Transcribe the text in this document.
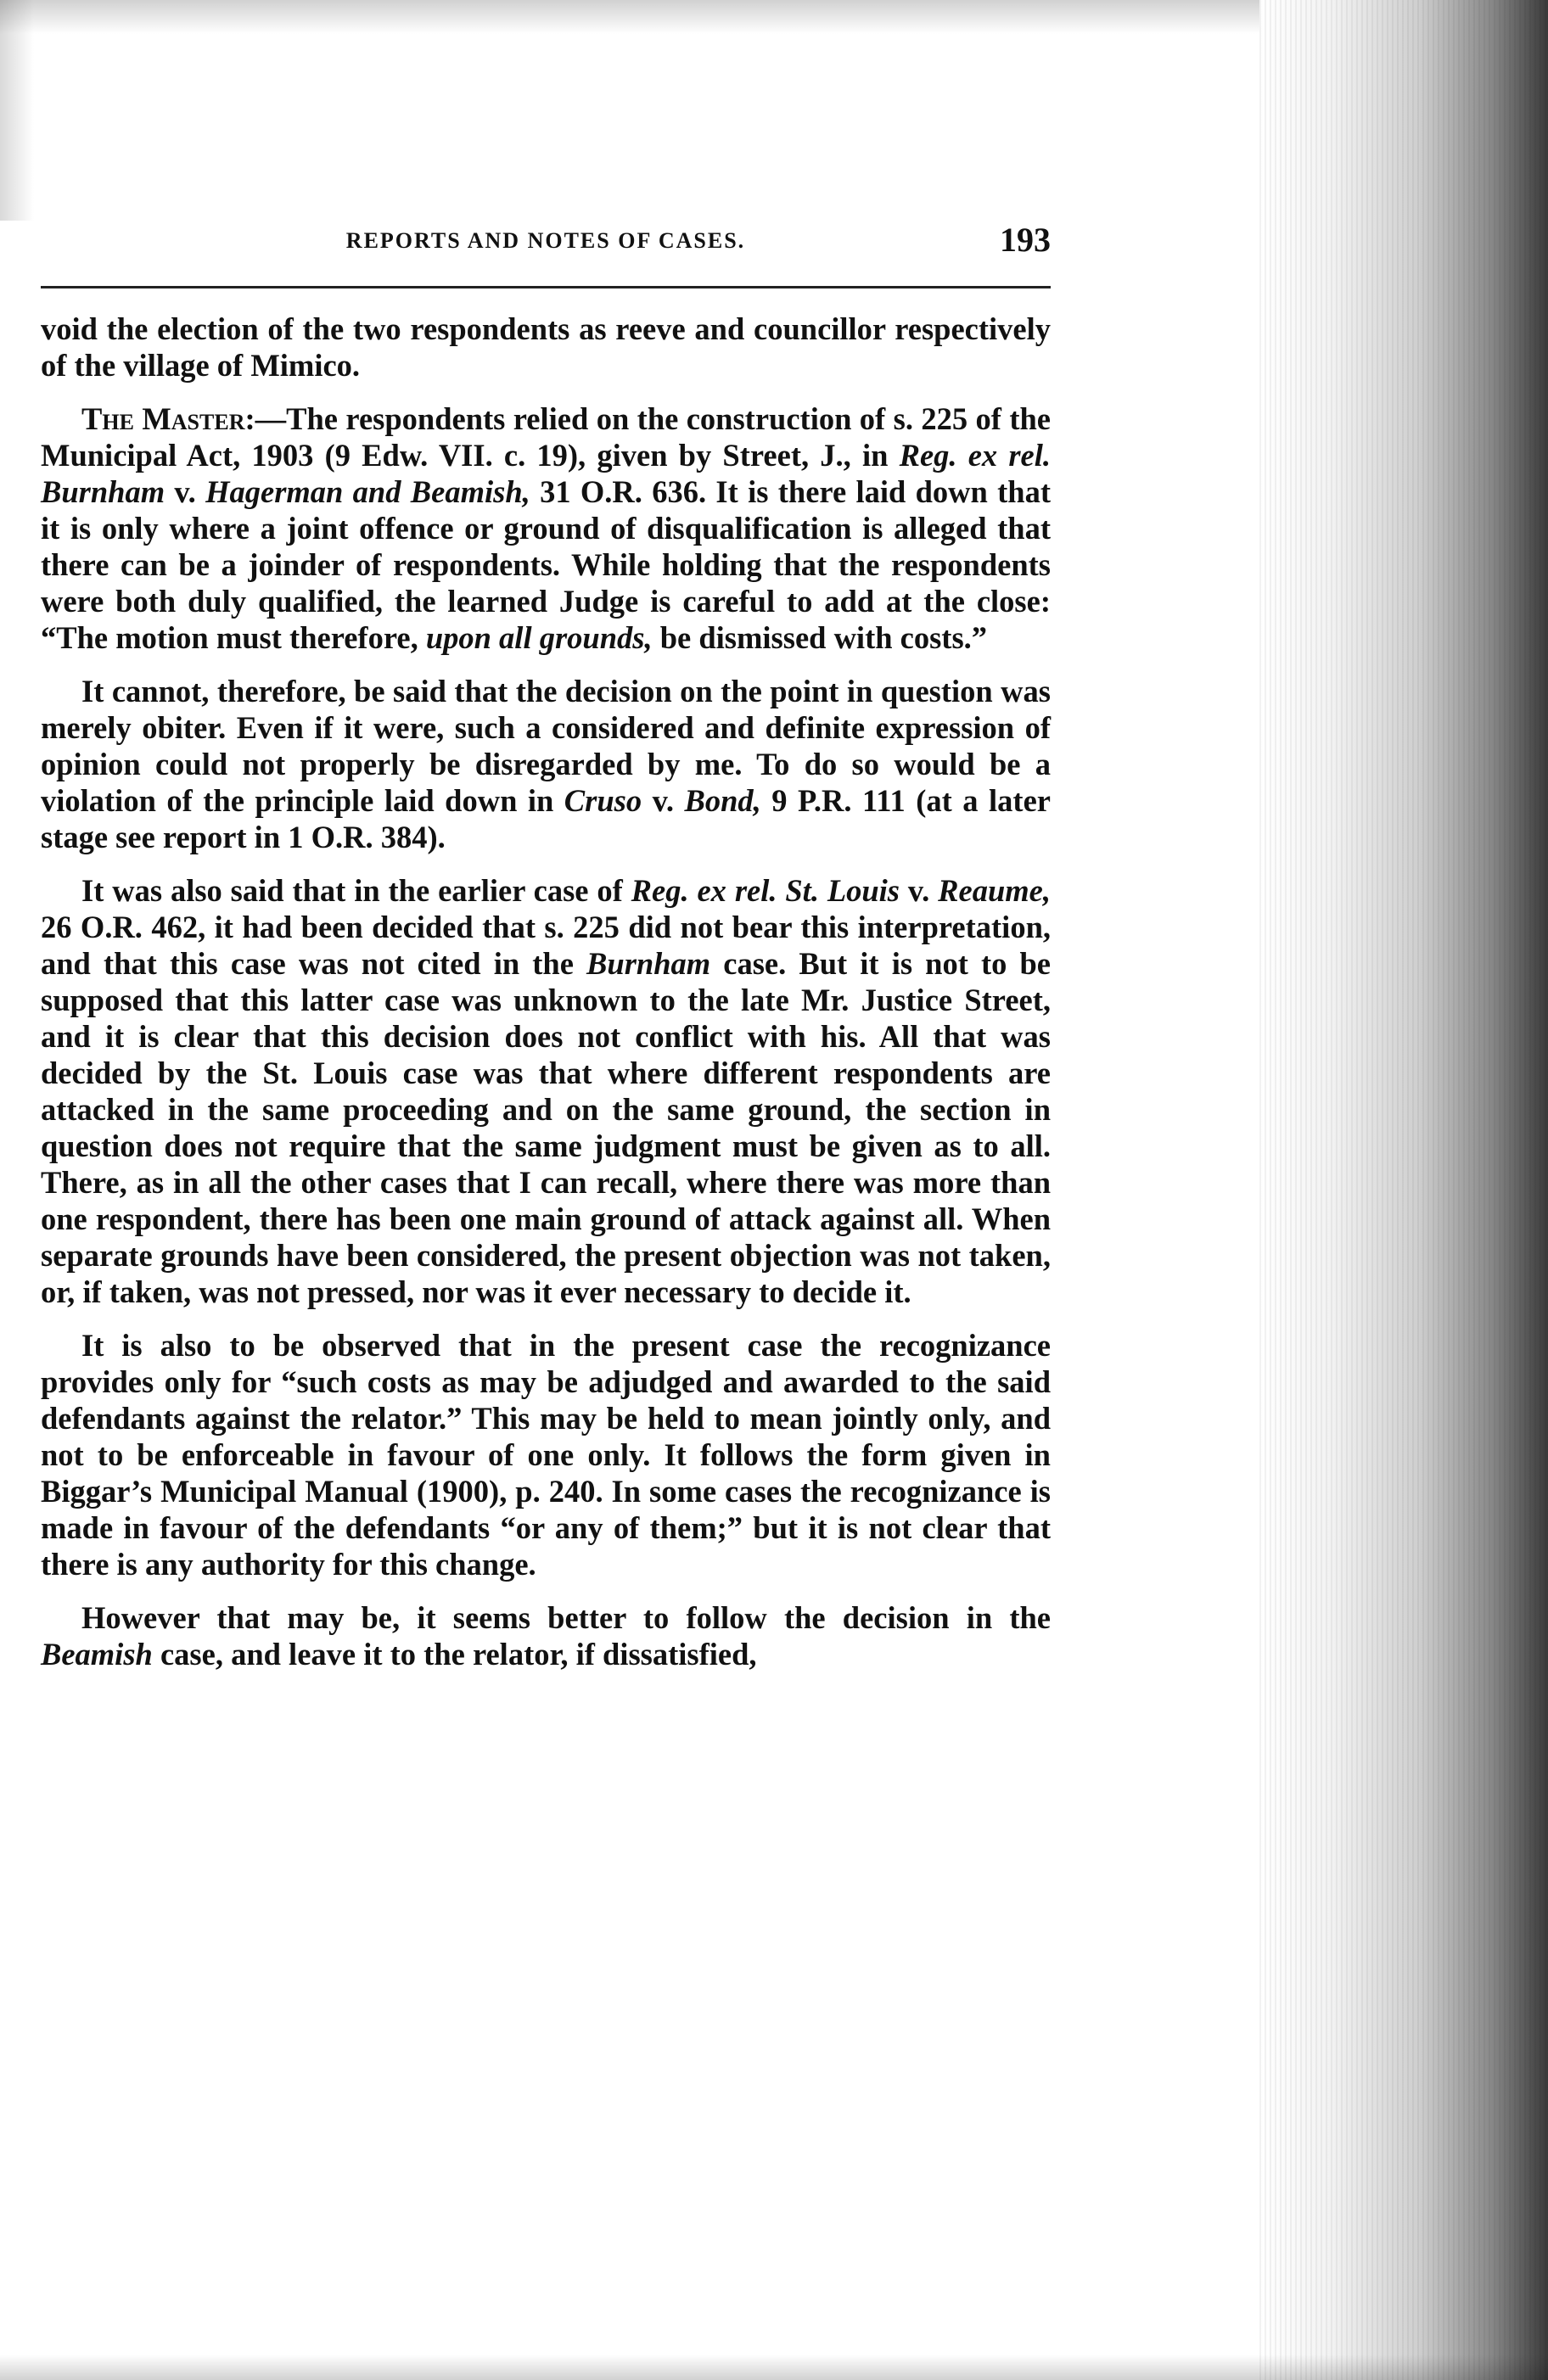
REPORTS AND NOTES OF CASES.	193

void the election of the two respondents as reeve and councillor respectively of the village of Mimico.

The Master:—The respondents relied on the construction of s. 225 of the Municipal Act, 1903 (9 Edw. VII. c. 19), given by Street, J., in Reg. ex rel. Burnham v. Hagerman and Beamish, 31 O.R. 636. It is there laid down that it is only where a joint offence or ground of disqualification is alleged that there can be a joinder of respondents. While holding that the respondents were both duly qualified, the learned Judge is careful to add at the close: “The motion must therefore, upon all grounds, be dismissed with costs.”

It cannot, therefore, be said that the decision on the point in question was merely obiter. Even if it were, such a considered and definite expression of opinion could not properly be disregarded by me. To do so would be a violation of the principle laid down in Cruso v. Bond, 9 P.R. 111 (at a later stage see report in 1 O.R. 384).

It was also said that in the earlier case of Reg. ex rel. St. Louis v. Reaume, 26 O.R. 462, it had been decided that s. 225 did not bear this interpretation, and that this case was not cited in the Burnham case. But it is not to be supposed that this latter case was unknown to the late Mr. Justice Street, and it is clear that this decision does not conflict with his. All that was decided by the St. Louis case was that where different respondents are attacked in the same proceeding and on the same ground, the section in question does not require that the same judgment must be given as to all. There, as in all the other cases that I can recall, where there was more than one respondent, there has been one main ground of attack against all. When separate grounds have been considered, the present objection was not taken, or, if taken, was not pressed, nor was it ever necessary to decide it.

It is also to be observed that in the present case the recognizance provides only for “such costs as may be adjudged and awarded to the said defendants against the relator.” This may be held to mean jointly only, and not to be enforceable in favour of one only. It follows the form given in Biggar’s Municipal Manual (1900), p. 240. In some cases the recognizance is made in favour of the defendants “or any of them;” but it is not clear that there is any authority for this change.

However that may be, it seems better to follow the decision in the Beamish case, and leave it to the relator, if dissatisfied,
